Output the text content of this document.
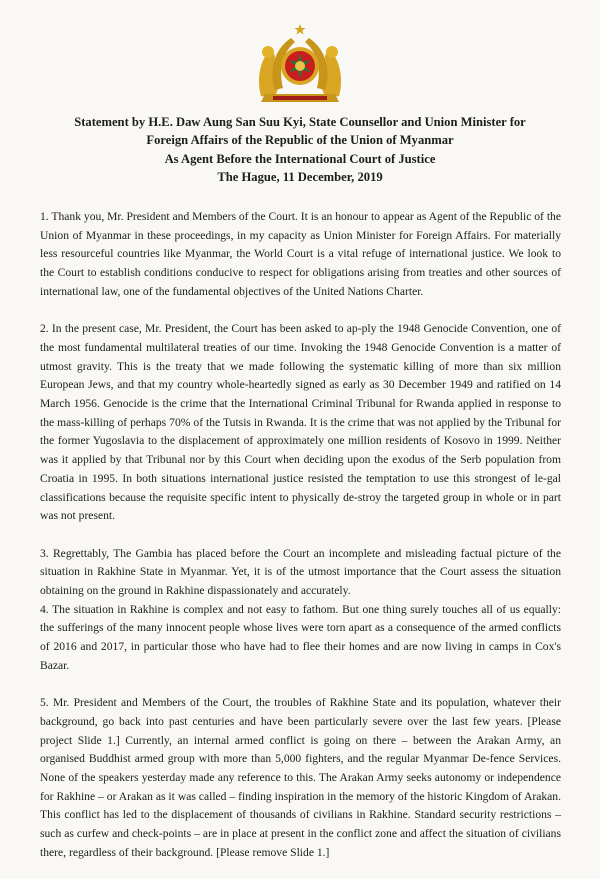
Statement by H.E. Daw Aung San Suu Kyi, State Counsellor and Union Minister for
Foreign Affairs of the Republic of the Union of Myanmar
As Agent Before the International Court of Justice
The Hague, 11 December, 2019

1. Thank you, Mr. President and Members of the Court. It is an honour to appear as Agent of the Republic of the Union of Myanmar in these proceedings, in my capacity as Union Minister for Foreign Affairs. For materially less resourceful countries like Myanmar, the World Court is a vital refuge of international justice. We look to the Court to establish conditions conducive to respect for obligations arising from treaties and other sources of international law, one of the fundamental objectives of the United Nations Charter.

2. In the present case, Mr. President, the Court has been asked to ap-ply the 1948 Genocide Convention, one of the most fundamental multilateral treaties of our time. Invoking the 1948 Genocide Convention is a matter of utmost gravity. This is the treaty that we made following the systematic killing of more than six million European Jews, and that my country whole-heartedly signed as early as 30 December 1949 and ratified on 14 March 1956. Genocide is the crime that the International Criminal Tribunal for Rwanda applied in response to the mass-killing of perhaps 70% of the Tutsis in Rwanda. It is the crime that was not applied by the Tribunal for the former Yugoslavia to the displacement of approximately one million residents of Kosovo in 1999. Neither was it applied by that Tribunal nor by this Court when deciding upon the exodus of the Serb population from Croatia in 1995. In both situations international justice resisted the temptation to use this strongest of le-gal classifications because the requisite specific intent to physically de-stroy the targeted group in whole or in part was not present.

3. Regrettably, The Gambia has placed before the Court an incomplete and misleading factual picture of the situation in Rakhine State in Myanmar. Yet, it is of the utmost importance that the Court assess the situation obtaining on the ground in Rakhine dispassionately and accurately.

4. The situation in Rakhine is complex and not easy to fathom. But one thing surely touches all of us equally: the sufferings of the many innocent people whose lives were torn apart as a consequence of the armed conflicts of 2016 and 2017, in particular those who have had to flee their homes and are now living in camps in Cox's Bazar.

5. Mr. President and Members of the Court, the troubles of Rakhine State and its population, whatever their background, go back into past centuries and have been particularly severe over the last few years. [Please project Slide 1.] Currently, an internal armed conflict is going on there – between the Arakan Army, an organised Buddhist armed group with more than 5,000 fighters, and the regular Myanmar De-fence Services. None of the speakers yesterday made any reference to this. The Arakan Army seeks autonomy or independence for Rakhine – or Arakan as it was called – finding inspiration in the memory of the historic Kingdom of Arakan. This conflict has led to the displacement of thousands of civilians in Rakhine. Standard security restrictions – such as curfew and check-points – are in place at present in the conflict zone and affect the situation of civilians there, regardless of their background. [Please remove Slide 1.]
